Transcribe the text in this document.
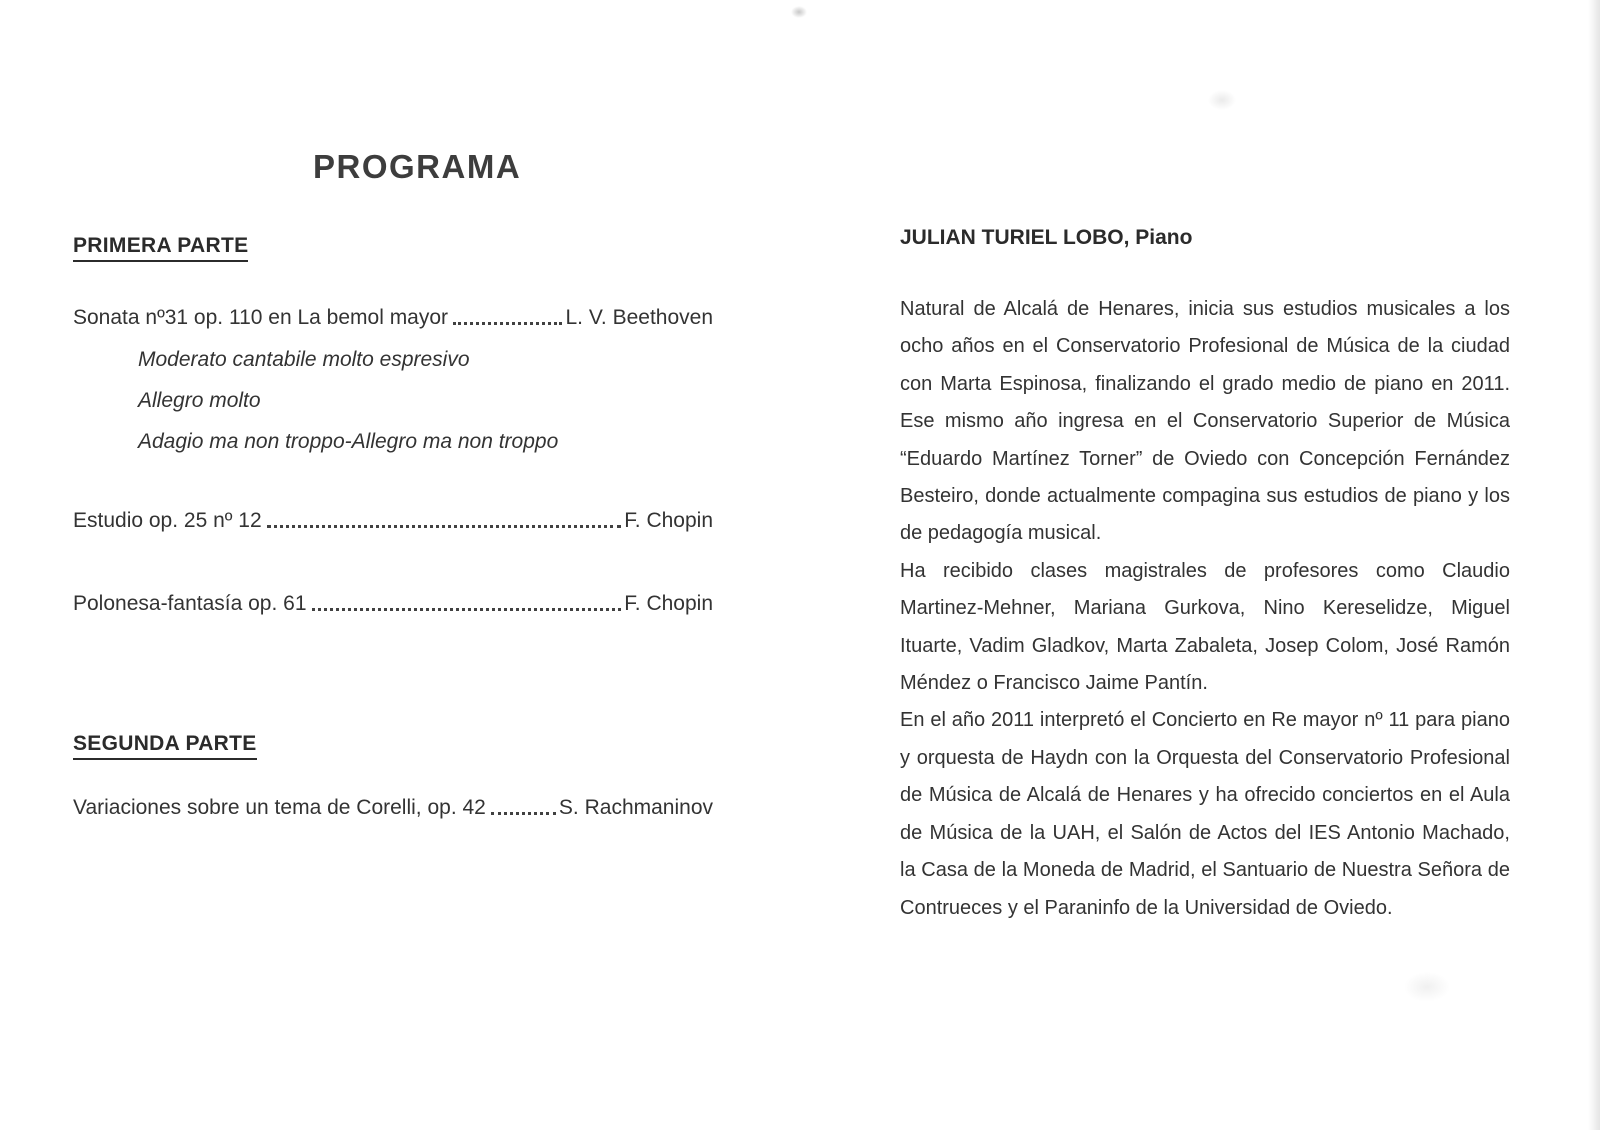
PROGRAMA
PRIMERA PARTE
Sonata nº31 op. 110 en La bemol mayor	L. V. Beethoven
Moderato cantabile molto espresivo
Allegro molto
Adagio ma non troppo-Allegro ma non troppo
Estudio op. 25 nº 12	F. Chopin
Polonesa-fantasía op. 61	F. Chopin
SEGUNDA PARTE
Variaciones sobre un tema de Corelli, op. 42	S. Rachmaninov
JULIAN TURIEL LOBO, Piano

Natural de Alcalá de Henares, inicia sus estudios musicales a los ocho años en el Conservatorio Profesional de Música de la ciudad con Marta Espinosa, finalizando el grado medio de piano en 2011. Ese mismo año ingresa en el Conservatorio Superior de Música “Eduardo Martínez Torner” de Oviedo con Concepción Fernández Besteiro, donde actualmente compagina sus estudios de piano y los de pedagogía musical.

Ha recibido clases magistrales de profesores como Claudio Martinez-Mehner, Mariana Gurkova, Nino Kereselidze, Miguel Ituarte, Vadim Gladkov, Marta Zabaleta, Josep Colom, José Ramón Méndez o Francisco Jaime Pantín.

En el año 2011 interpretó el Concierto en Re mayor nº 11 para piano y orquesta de Haydn con la Orquesta del Conservatorio Profesional de Música de Alcalá de Henares y ha ofrecido conciertos en el Aula de Música de la UAH, el Salón de Actos del IES Antonio Machado, la Casa de la Moneda de Madrid, el Santuario de Nuestra Señora de Contrueces y el Paraninfo de la Universidad de Oviedo.
